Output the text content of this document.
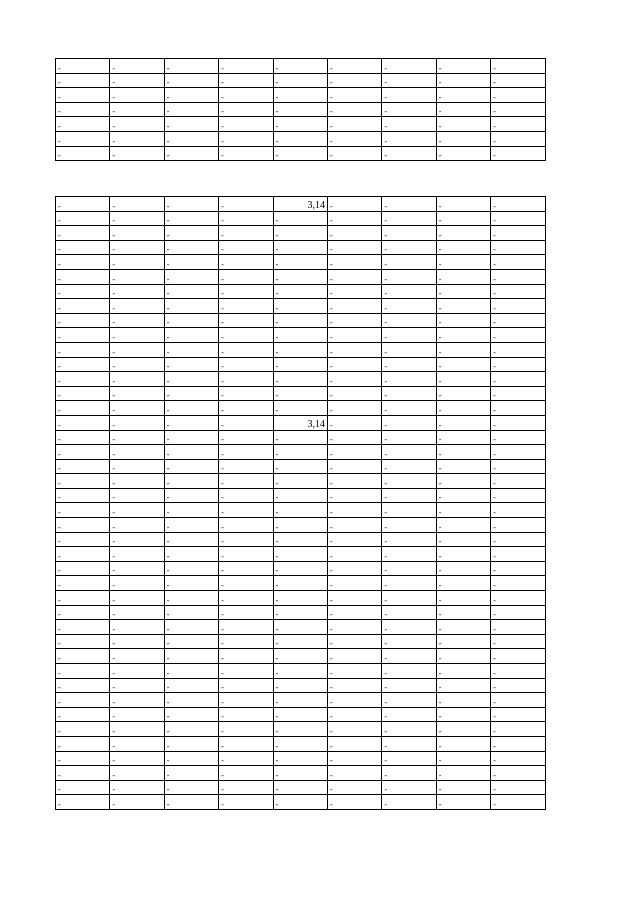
-	-	-	-	-	-	-	-	-
-	-	-	-	-	-	-	-	-
-	-	-	-	-	-	-	-	-
-	-	-	-	-	-	-	-	-
-	-	-	-	-	-	-	-	-
-	-	-	-	-	-	-	-	-
-	-	-	-	-	-	-	-	-
-	-	-	-	3,14	-	-	-	-
-	-	-	-	-	-	-	-	-
-	-	-	-	-	-	-	-	-
-	-	-	-	-	-	-	-	-
-	-	-	-	-	-	-	-	-
-	-	-	-	-	-	-	-	-
-	-	-	-	-	-	-	-	-
-	-	-	-	-	-	-	-	-
-	-	-	-	-	-	-	-	-
-	-	-	-	-	-	-	-	-
-	-	-	-	-	-	-	-	-
-	-	-	-	-	-	-	-	-
-	-	-	-	-	-	-	-	-
-	-	-	-	-	-	-	-	-
-	-	-	-	-	-	-	-	-
-	-	-	-	3,14	-	-	-	-
-	-	-	-	-	-	-	-	-
-	-	-	-	-	-	-	-	-
-	-	-	-	-	-	-	-	-
-	-	-	-	-	-	-	-	-
-	-	-	-	-	-	-	-	-
-	-	-	-	-	-	-	-	-
-	-	-	-	-	-	-	-	-
-	-	-	-	-	-	-	-	-
-	-	-	-	-	-	-	-	-
-	-	-	-	-	-	-	-	-
-	-	-	-	-	-	-	-	-
-	-	-	-	-	-	-	-	-
-	-	-	-	-	-	-	-	-
-	-	-	-	-	-	-	-	-
-	-	-	-	-	-	-	-	-
-	-	-	-	-	-	-	-	-
-	-	-	-	-	-	-	-	-
-	-	-	-	-	-	-	-	-
-	-	-	-	-	-	-	-	-
-	-	-	-	-	-	-	-	-
-	-	-	-	-	-	-	-	-
-	-	-	-	-	-	-	-	-
-	-	-	-	-	-	-	-	-
-	-	-	-	-	-	-	-	-
-	-	-	-	-	-	-	-	-
-	-	-	-	-	-	-	-	-
